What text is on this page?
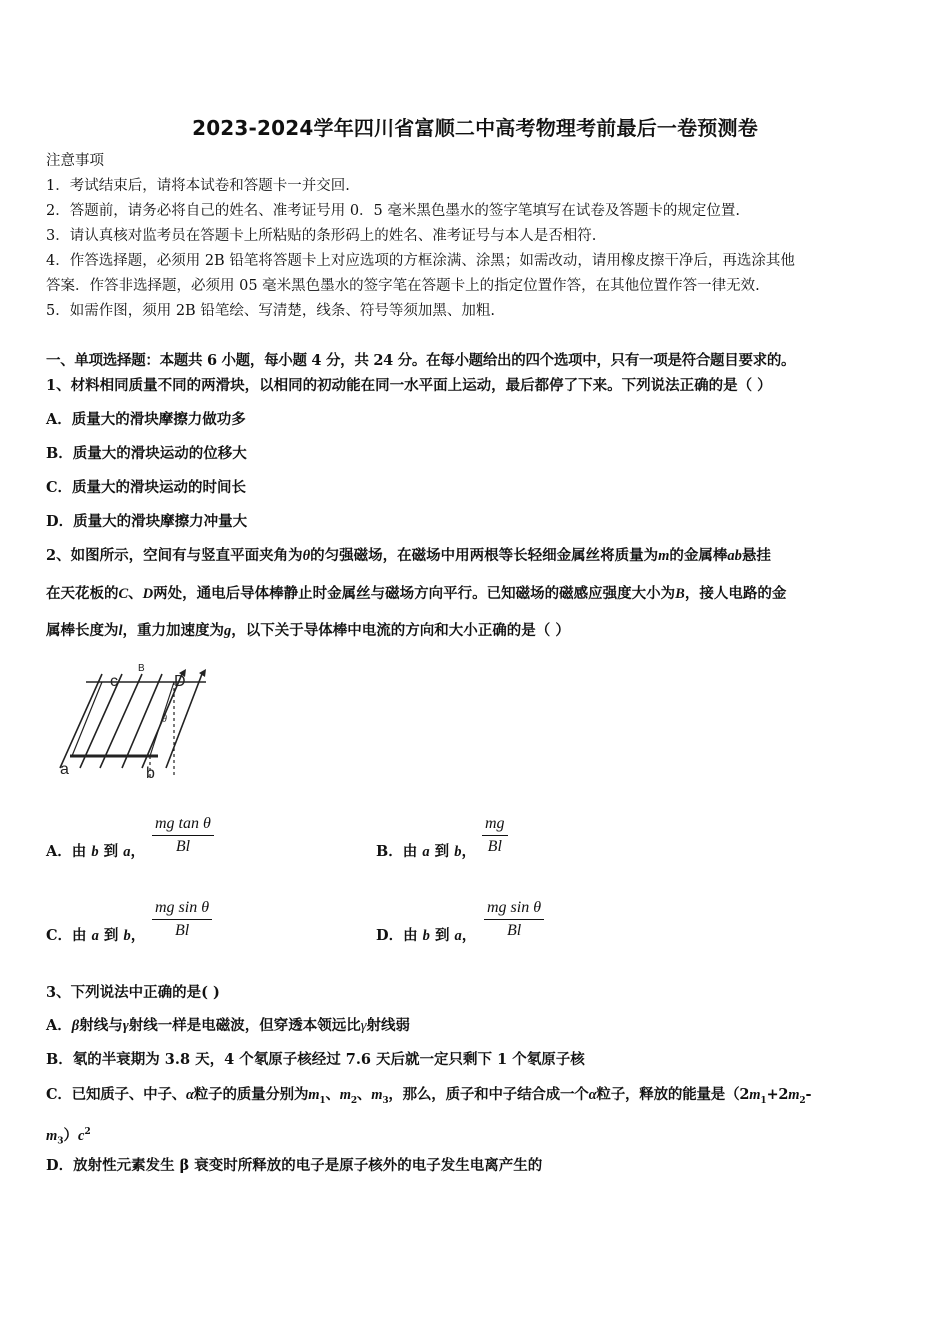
2023-2024学年四川省富顺二中高考物理考前最后一卷预测卷
注意事项
1．考试结束后，请将本试卷和答题卡一并交回.
2．答题前，请务必将自己的姓名、准考证号用 0．5 毫米黑色墨水的签字笔填写在试卷及答题卡的规定位置.
3．请认真核对监考员在答题卡上所粘贴的条形码上的姓名、准考证号与本人是否相符.
4．作答选择题，必须用 2B 铅笔将答题卡上对应选项的方框涂满、涂黑；如需改动，请用橡皮擦干净后，再选涂其他
答案．作答非选择题，必须用 05 毫米黑色墨水的签字笔在答题卡上的指定位置作答，在其他位置作答一律无效.
5．如需作图，须用 2B 铅笔绘、写清楚，线条、符号等须加黑、加粗.
一、单项选择题：本题共 6 小题，每小题 4 分，共 24 分。在每小题给出的四个选项中，只有一项是符合题目要求的。
1、材料相同质量不同的两滑块，以相同的初动能在同一水平面上运动，最后都停了下来。下列说法正确的是（ ）
A．质量大的滑块摩擦力做功多
B．质量大的滑块运动的位移大
C．质量大的滑块运动的时间长
D．质量大的滑块摩擦力冲量大
2、如图所示，空间有与竖直平面夹角为θ的匀强磁场，在磁场中用两根等长轻细金属丝将质量为m的金属棒ab悬挂
在天花板的C、D两处，通电后导体棒静止时金属丝与磁场方向平行。已知磁场的磁感应强度大小为B，接人电路的金
属棒长度为l，重力加速度为g，以下关于导体棒中电流的方向和大小正确的是（ ）
c	D
B
θ
a	b
A．由 b 到 a， $\frac{\text{mg tan θ}}{Bl}$	B．由 a 到 b， $\frac{mg}{Bl}$
C．由 a 到 b， $\frac{\text{mg sin θ}}{Bl}$	D．由 b 到 a， $\frac{\text{mg sin θ}}{Bl}$
3、下列说法中正确的是( )
A．β射线与γ射线一样是电磁波，但穿透本领远比γ射线弱
B．氡的半衰期为 3.8 天，4 个氡原子核经过 7.6 天后就一定只剩下 1 个氡原子核
C．已知质子、中子、α粒子的质量分别为$m_1$、$m_2$、$m_3$，那么，质子和中子结合成一个α粒子，释放的能量是（$2m_1+2m_2-$
$m_3)c^2$
D．放射性元素发生 β 衰变时所释放的电子是原子核外的电子发生电离产生的
